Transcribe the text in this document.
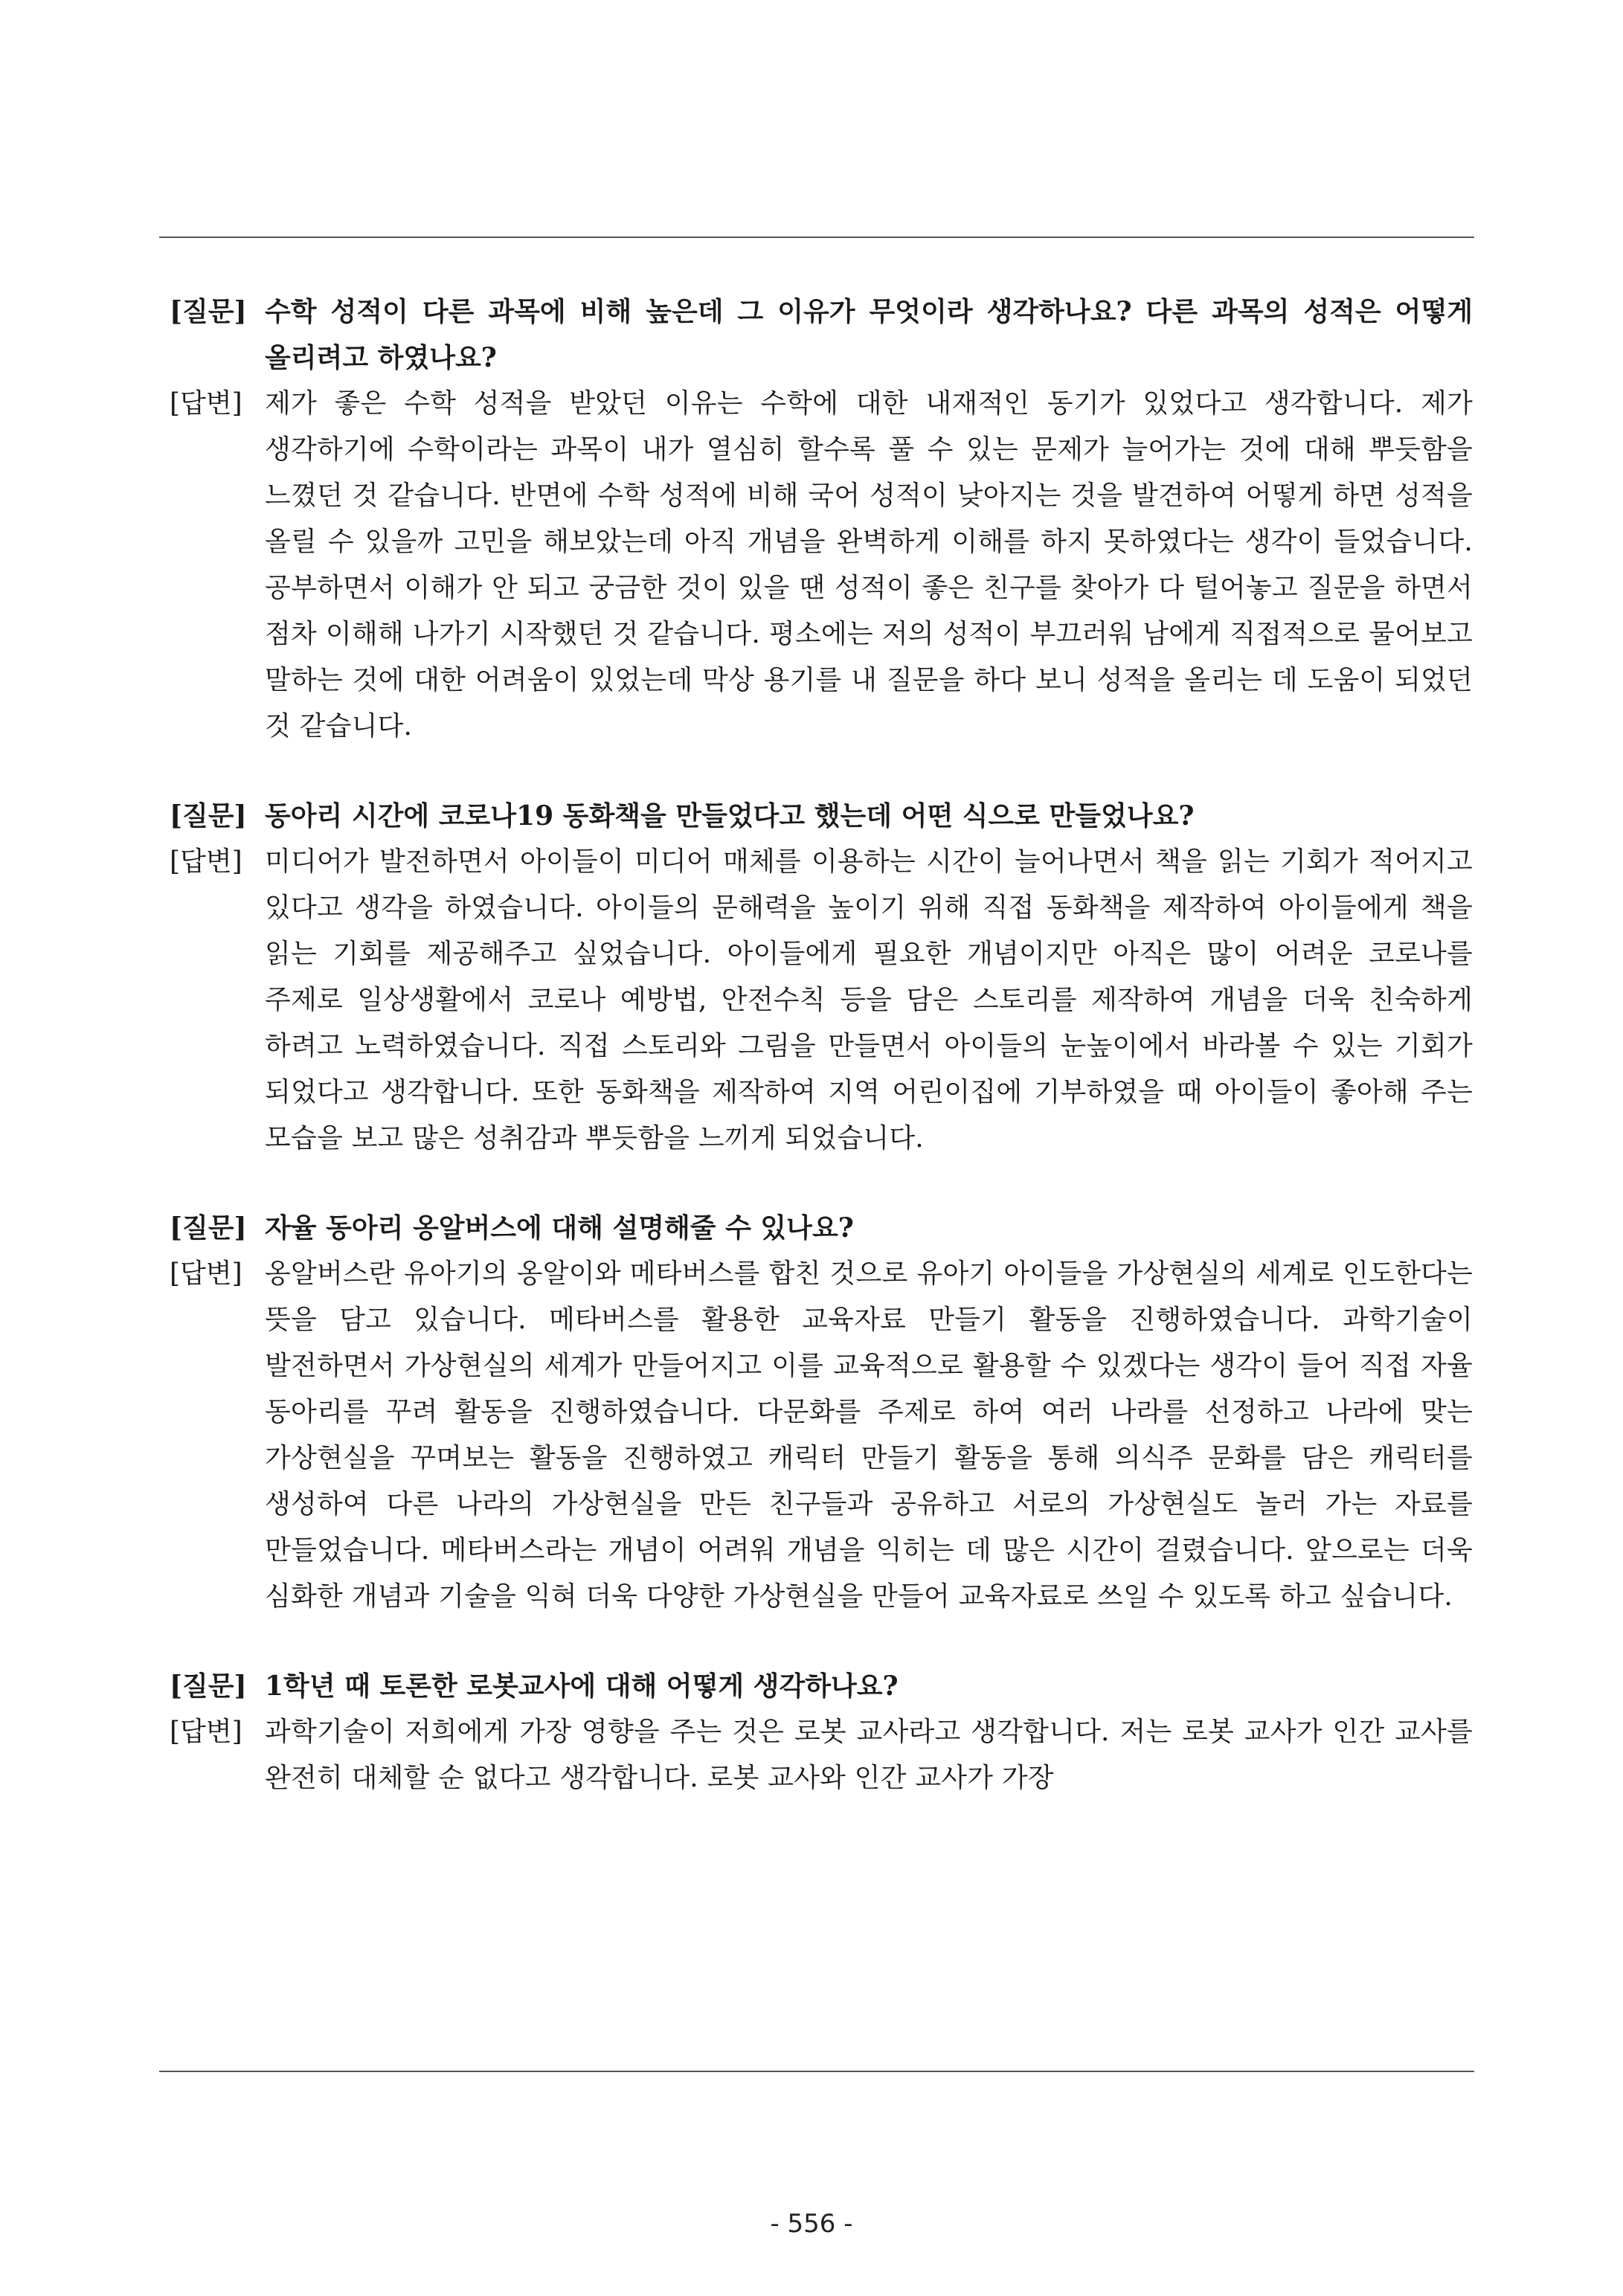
[질문] 수학 성적이 다른 과목에 비해 높은데 그 이유가 무엇이라 생각하나요? 다른 과목의 성적은 어떻게 올리려고 하였나요?
[답변] 제가 좋은 수학 성적을 받았던 이유는 수학에 대한 내재적인 동기가 있었다고 생각합니다. 제가 생각하기에 수학이라는 과목이 내가 열심히 할수록 풀 수 있는 문제가 늘어가는 것에 대해 뿌듯함을 느꼈던 것 같습니다. 반면에 수학 성적에 비해 국어 성적이 낮아지는 것을 발견하여 어떻게 하면 성적을 올릴 수 있을까 고민을 해보았는데 아직 개념을 완벽하게 이해를 하지 못하였다는 생각이 들었습니다. 공부하면서 이해가 안 되고 궁금한 것이 있을 땐 성적이 좋은 친구를 찾아가 다 털어놓고 질문을 하면서 점차 이해해 나가기 시작했던 것 같습니다. 평소에는 저의 성적이 부끄러워 남에게 직접적으로 물어보고 말하는 것에 대한 어려움이 있었는데 막상 용기를 내 질문을 하다 보니 성적을 올리는 데 도움이 되었던 것 같습니다.
[질문] 동아리 시간에 코로나19 동화책을 만들었다고 했는데 어떤 식으로 만들었나요?
[답변] 미디어가 발전하면서 아이들이 미디어 매체를 이용하는 시간이 늘어나면서 책을 읽는 기회가 적어지고 있다고 생각을 하였습니다. 아이들의 문해력을 높이기 위해 직접 동화책을 제작하여 아이들에게 책을 읽는 기회를 제공해주고 싶었습니다. 아이들에게 필요한 개념이지만 아직은 많이 어려운 코로나를 주제로 일상생활에서 코로나 예방법, 안전수칙 등을 담은 스토리를 제작하여 개념을 더욱 친숙하게 하려고 노력하였습니다. 직접 스토리와 그림을 만들면서 아이들의 눈높이에서 바라볼 수 있는 기회가 되었다고 생각합니다. 또한 동화책을 제작하여 지역 어린이집에 기부하였을 때 아이들이 좋아해 주는 모습을 보고 많은 성취감과 뿌듯함을 느끼게 되었습니다.
[질문] 자율 동아리 옹알버스에 대해 설명해줄 수 있나요?
[답변] 옹알버스란 유아기의 옹알이와 메타버스를 합친 것으로 유아기 아이들을 가상현실의 세계로 인도한다는 뜻을 담고 있습니다. 메타버스를 활용한 교육자료 만들기 활동을 진행하였습니다. 과학기술이 발전하면서 가상현실의 세계가 만들어지고 이를 교육적으로 활용할 수 있겠다는 생각이 들어 직접 자율 동아리를 꾸려 활동을 진행하였습니다. 다문화를 주제로 하여 여러 나라를 선정하고 나라에 맞는 가상현실을 꾸며보는 활동을 진행하였고 캐릭터 만들기 활동을 통해 의식주 문화를 담은 캐릭터를 생성하여 다른 나라의 가상현실을 만든 친구들과 공유하고 서로의 가상현실도 놀러 가는 자료를 만들었습니다. 메타버스라는 개념이 어려워 개념을 익히는 데 많은 시간이 걸렸습니다. 앞으로는 더욱 심화한 개념과 기술을 익혀 더욱 다양한 가상현실을 만들어 교육자료로 쓰일 수 있도록 하고 싶습니다.
[질문] 1학년 때 토론한 로봇교사에 대해 어떻게 생각하나요?
[답변] 과학기술이 저희에게 가장 영향을 주는 것은 로봇 교사라고 생각합니다. 저는 로봇 교사가 인간 교사를 완전히 대체할 순 없다고 생각합니다. 로봇 교사와 인간 교사가 가장
- 556 -
